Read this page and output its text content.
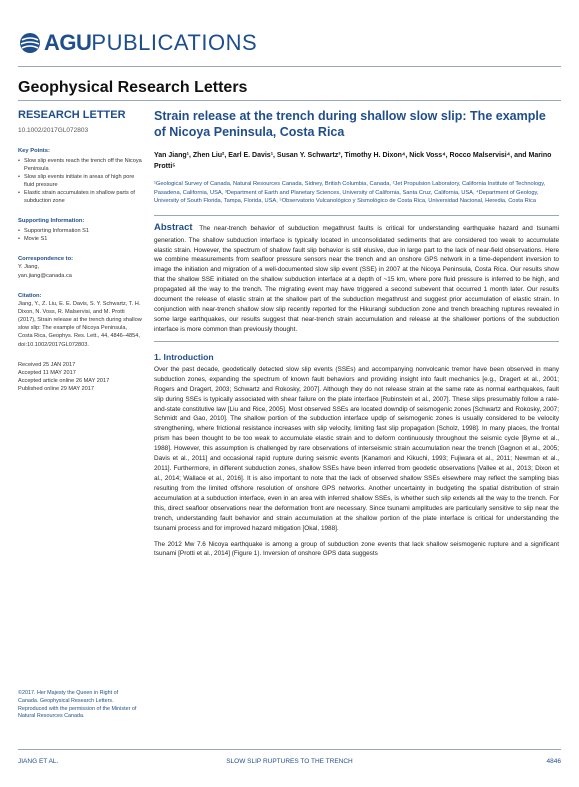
AGU PUBLICATIONS
Geophysical Research Letters
RESEARCH LETTER
10.1002/2017GL072803
Key Points:
• Slow slip events reach the trench off the Nicoya Peninsula
• Slow slip events initiate in areas of high pore fluid pressure
• Elastic strain accumulates in shallow parts of subduction zone
Supporting Information:
• Supporting Information S1
• Movie S1
Correspondence to:
Y. Jiang,
yan.jiang@canada.ca
Citation:
Jiang, Y., Z. Liu, E. E. Davis, S. Y. Schwartz, T. H. Dixon, N. Voss, R. Malservisi, and M. Protti (2017), Strain release at the trench during shallow slow slip: The example of Nicoya Peninsula, Costa Rica, Geophys. Res. Lett., 44, 4846–4854, doi:10.1002/2017GL072803.
Received 25 JAN 2017
Accepted 11 MAY 2017
Accepted article online 26 MAY 2017
Published online 29 MAY 2017
©2017. Her Majesty the Queen in Right of Canada. Geophysical Research Letters. Reproduced with the permission of the Minister of Natural Resources Canada.
Strain release at the trench during shallow slow slip: The example of Nicoya Peninsula, Costa Rica
Yan Jiang¹, Zhen Liu², Earl E. Davis¹, Susan Y. Schwartz³, Timothy H. Dixon⁴, Nick Voss⁴, Rocco Malservisi⁴, and Marino Protti⁵
¹Geological Survey of Canada, Natural Resources Canada, Sidney, British Columbia, Canada, ²Jet Propulsion Laboratory, California Institute of Technology, Pasadena, California, USA, ³Department of Earth and Planetary Sciences, University of California, Santa Cruz, California, USA, ⁴Department of Geology, University of South Florida, Tampa, Florida, USA, ⁵Observatorio Vulcanológico y Sismológico de Costa Rica, Universidad Nacional, Heredia, Costa Rica
Abstract The near-trench behavior of subduction megathrust faults is critical for understanding earthquake hazard and tsunami generation. The shallow subduction interface is typically located in unconsolidated sediments that are considered too weak to accumulate elastic strain. However, the spectrum of shallow fault slip behavior is still elusive, due in large part to the lack of near-field observations. Here we combine measurements from seafloor pressure sensors near the trench and an onshore GPS network in a time-dependent inversion to image the initiation and migration of a well-documented slow slip event (SSE) in 2007 at the Nicoya Peninsula, Costa Rica. Our results show that the shallow SSE initiated on the shallow subduction interface at a depth of ~15 km, where pore fluid pressure is inferred to be high, and propagated all the way to the trench. The migrating event may have triggered a second subevent that occurred 1 month later. Our results document the release of elastic strain at the shallow part of the subduction megathrust and suggest prior accumulation of elastic strain. In conjunction with near-trench shallow slow slip recently reported for the Hikurangi subduction zone and trench breaching ruptures revealed in some large earthquakes, our results suggest that near-trench strain accumulation and release at the shallower portions of the subduction interface is more common than previously thought.
1. Introduction

Over the past decade, geodetically detected slow slip events (SSEs) and accompanying nonvolcanic tremor have been observed in many subduction zones, expanding the spectrum of known fault behaviors and providing insight into fault mechanics [e.g., Dragert et al., 2001; Rogers and Dragert, 2003; Schwartz and Rokosky, 2007]. Although they do not release strain at the same rate as normal earthquakes, fault slip during SSEs is typically associated with shear failure on the plate interface [Rubinstein et al., 2007]. These slips presumably follow a rate-and-state constitutive law [Liu and Rice, 2005]. Most observed SSEs are located downdip of seismogenic zones [Schwartz and Rokosky, 2007; Schmidt and Gao, 2010]. The shallow portion of the subduction interface updip of seismogenic zones is usually considered to be velocity strengthening, where frictional resistance increases with slip velocity, limiting fast slip propagation [Scholz, 1998]. In many places, the frontal prism has been thought to be too weak to accumulate elastic strain and to deform continuously throughout the seismic cycle [Byrne et al., 1988]. However, this assumption is challenged by rare observations of interseismic strain accumulation near the trench [Gagnon et al., 2005; Davis et al., 2011] and occasional rapid rupture during seismic events [Kanamori and Kikuchi, 1993; Fujiwara et al., 2011; Newman et al., 2011]. Furthermore, in different subduction zones, shallow SSEs have been inferred from geodetic observations [Vallee et al., 2013; Dixon et al., 2014; Wallace et al., 2016]. It is also important to note that the lack of observed shallow SSEs elsewhere may reflect the sampling bias resulting from the limited offshore resolution of onshore GPS networks. Another uncertainty in budgeting the spatial distribution of strain accumulation at a subduction interface, even in an area with inferred shallow SSEs, is whether such slip extends all the way to the trench. For this, direct seafloor observations near the deformation front are necessary. Since tsunami amplitudes are particularly sensitive to slip near the trench, understanding fault behavior and strain accumulation at the shallow portion of the plate interface is critical for understanding the tsunami process and for improved hazard mitigation [Okal, 1988].

The 2012 Mw 7.6 Nicoya earthquake is among a group of subduction zone events that lack shallow seismogenic rupture and a significant tsunami [Protti et al., 2014] (Figure 1). Inversion of onshore GPS data suggests

JIANG ET AL.	SLOW SLIP RUPTURES TO THE TRENCH	4846
